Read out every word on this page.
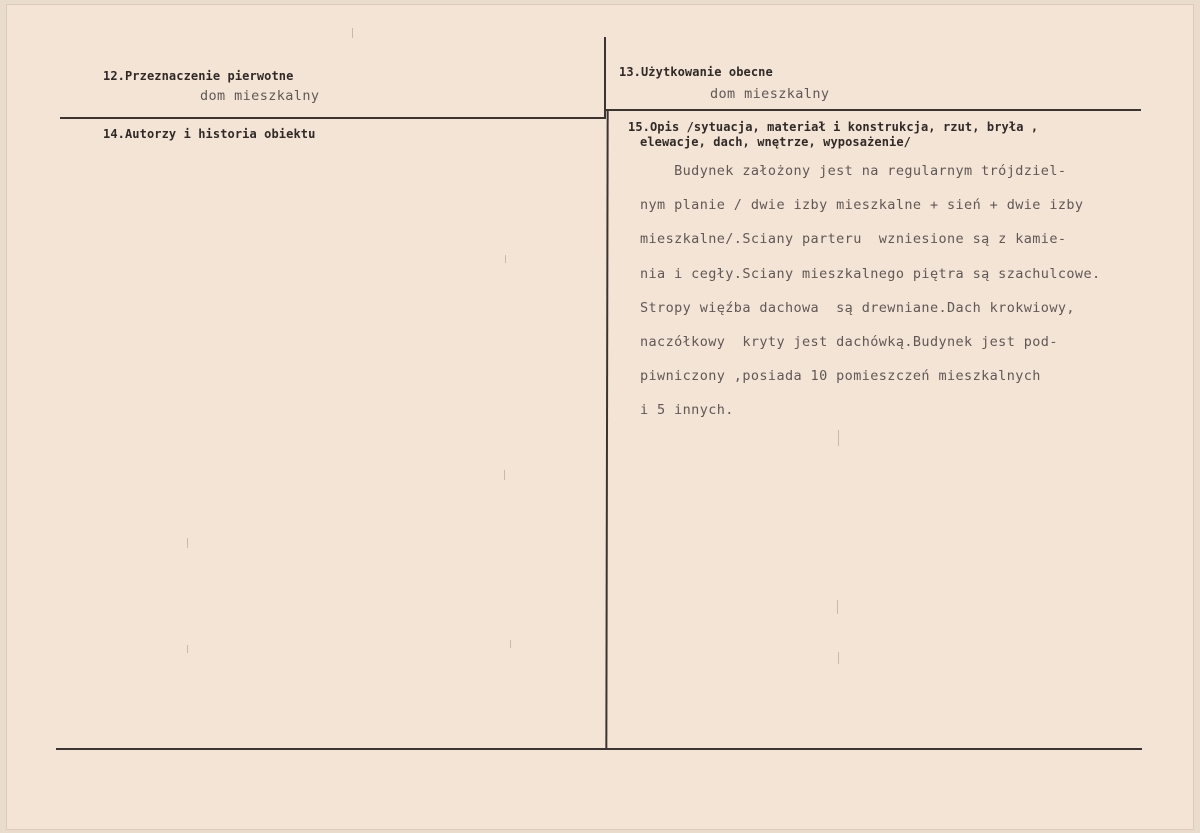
12.Przeznaczenie pierwotne

dom mieszkalny

13.Użytkowanie obecne

dom mieszkalny

14.Autorzy i historia obiektu	15.Opis /sytuacja, materiał i konstrukcja, rzut, bryła ,

elewacje, dach, wnętrze, wyposażenie/

Budynek założony jest na regularnym trójdziel-
nym planie / dwie izby mieszkalne + sień + dwie izby
mieszkalne/.Sciany parteru  wzniesione są z kamie-
nia i cegły.Sciany mieszkalnego piętra są szachulcowe.
Stropy więźba dachowa  są drewniane.Dach krokwiowy,
naczółkowy  kryty jest dachówką.Budynek jest pod-
piwniczony ,posiada 10 pomieszczeń mieszkalnych
i 5 innych.
